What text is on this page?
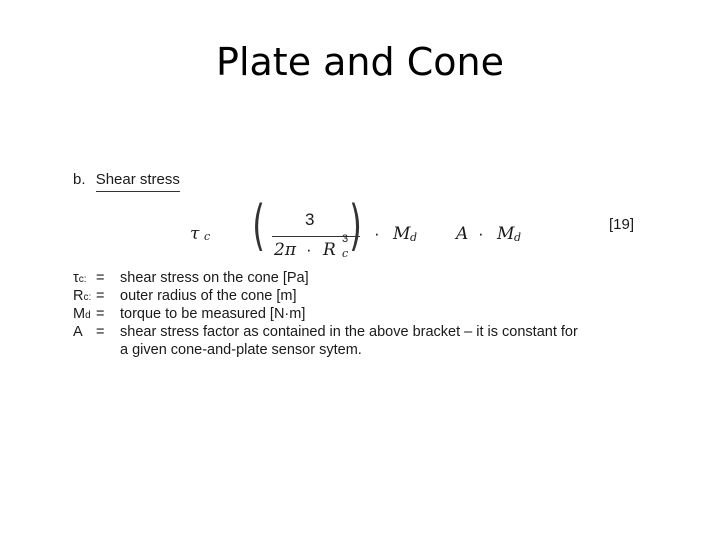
Plate and Cone
b. Shear stress
τ c ( 3
2π · R
3
c ) · M d A · M d
[19]
τc: = shear stress on the cone [Pa]
Rc: = outer radius of the cone [m]
Md = torque to be measured [N·m]
A = shear stress factor as contained in the above bracket – it is constant for
a given cone-and-plate sensor sytem.
